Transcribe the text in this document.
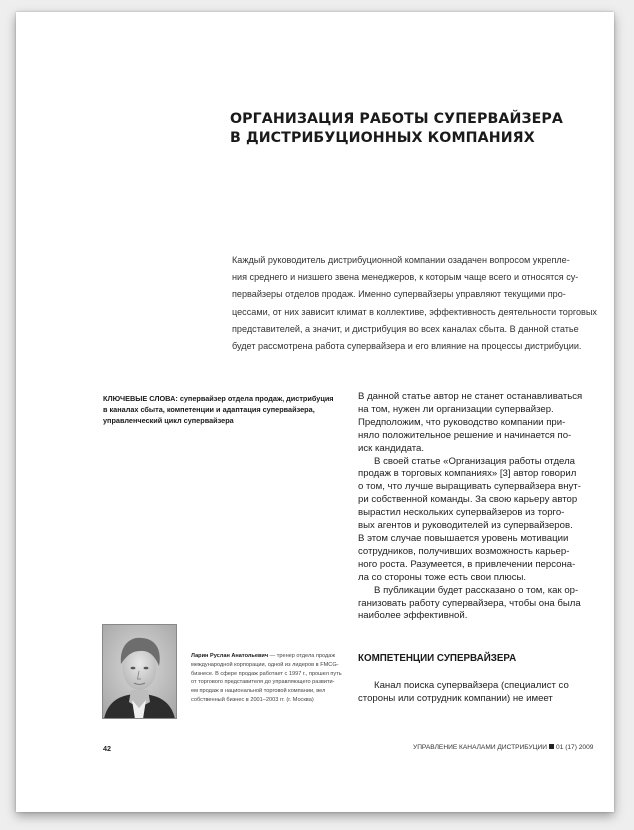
ОРГАНИЗАЦИЯ РАБОТЫ СУПЕРВАЙЗЕРА
В ДИСТРИБУЦИОННЫХ КОМПАНИЯХ
Каждый руководитель дистрибуционной компании озадачен вопросом укрепле-
ния среднего и низшего звена менеджеров, к которым чаще всего и относятся су-
первайзеры отделов продаж. Именно супервайзеры управляют текущими про-
цессами, от них зависит климат в коллективе, эффективность деятельности торговых
представителей, а значит, и дистрибуция во всех каналах сбыта. В данной статье
будет рассмотрена работа супервайзера и его влияние на процессы дистрибуции.
КЛЮЧЕВЫЕ СЛОВА: супервайзер отдела продаж, дистрибуция
в каналах сбыта, компетенции и адаптация супервайзера,
управленческий цикл супервайзера
В данной статье автор не станет останавливаться
на том, нужен ли организации супервайзер.
Предположим, что руководство компании при-
няло положительное решение и начинается по-
иск кандидата.
В своей статье «Организация работы отдела
продаж в торговых компаниях» [3] автор говорил
о том, что лучше выращивать супервайзера внут-
ри собственной команды. За свою карьеру автор
вырастил нескольких супервайзеров из торго-
вых агентов и руководителей из супервайзеров.
В этом случае повышается уровень мотивации
сотрудников, получивших возможность карьер-
ного роста. Разумеется, в привлечении персона-
ла со стороны тоже есть свои плюсы.
В публикации будет рассказано о том, как ор-
ганизовать работу супервайзера, чтобы она была
наиболее эффективной.
КОМПЕТЕНЦИИ СУПЕРВАЙЗЕРА
Канал поиска супервайзера (специалист со
стороны или сотрудник компании) не имеет
Ларин Руслан Анатольевич — тренер отдела продаж
международной корпорации, одной из лидеров в FMCG-
бизнесе. В сфере продаж работает с 1997 г., прошел путь
от торгового представителя до управляющего развити-
ем продаж в национальной торговой компании, вел
собственный бизнес в 2001–2003 гг. (г. Москва)
42	УПРАВЛЕНИЕ КАНАЛАМИ ДИСТРИБУЦИИ 01 (17) 2009
